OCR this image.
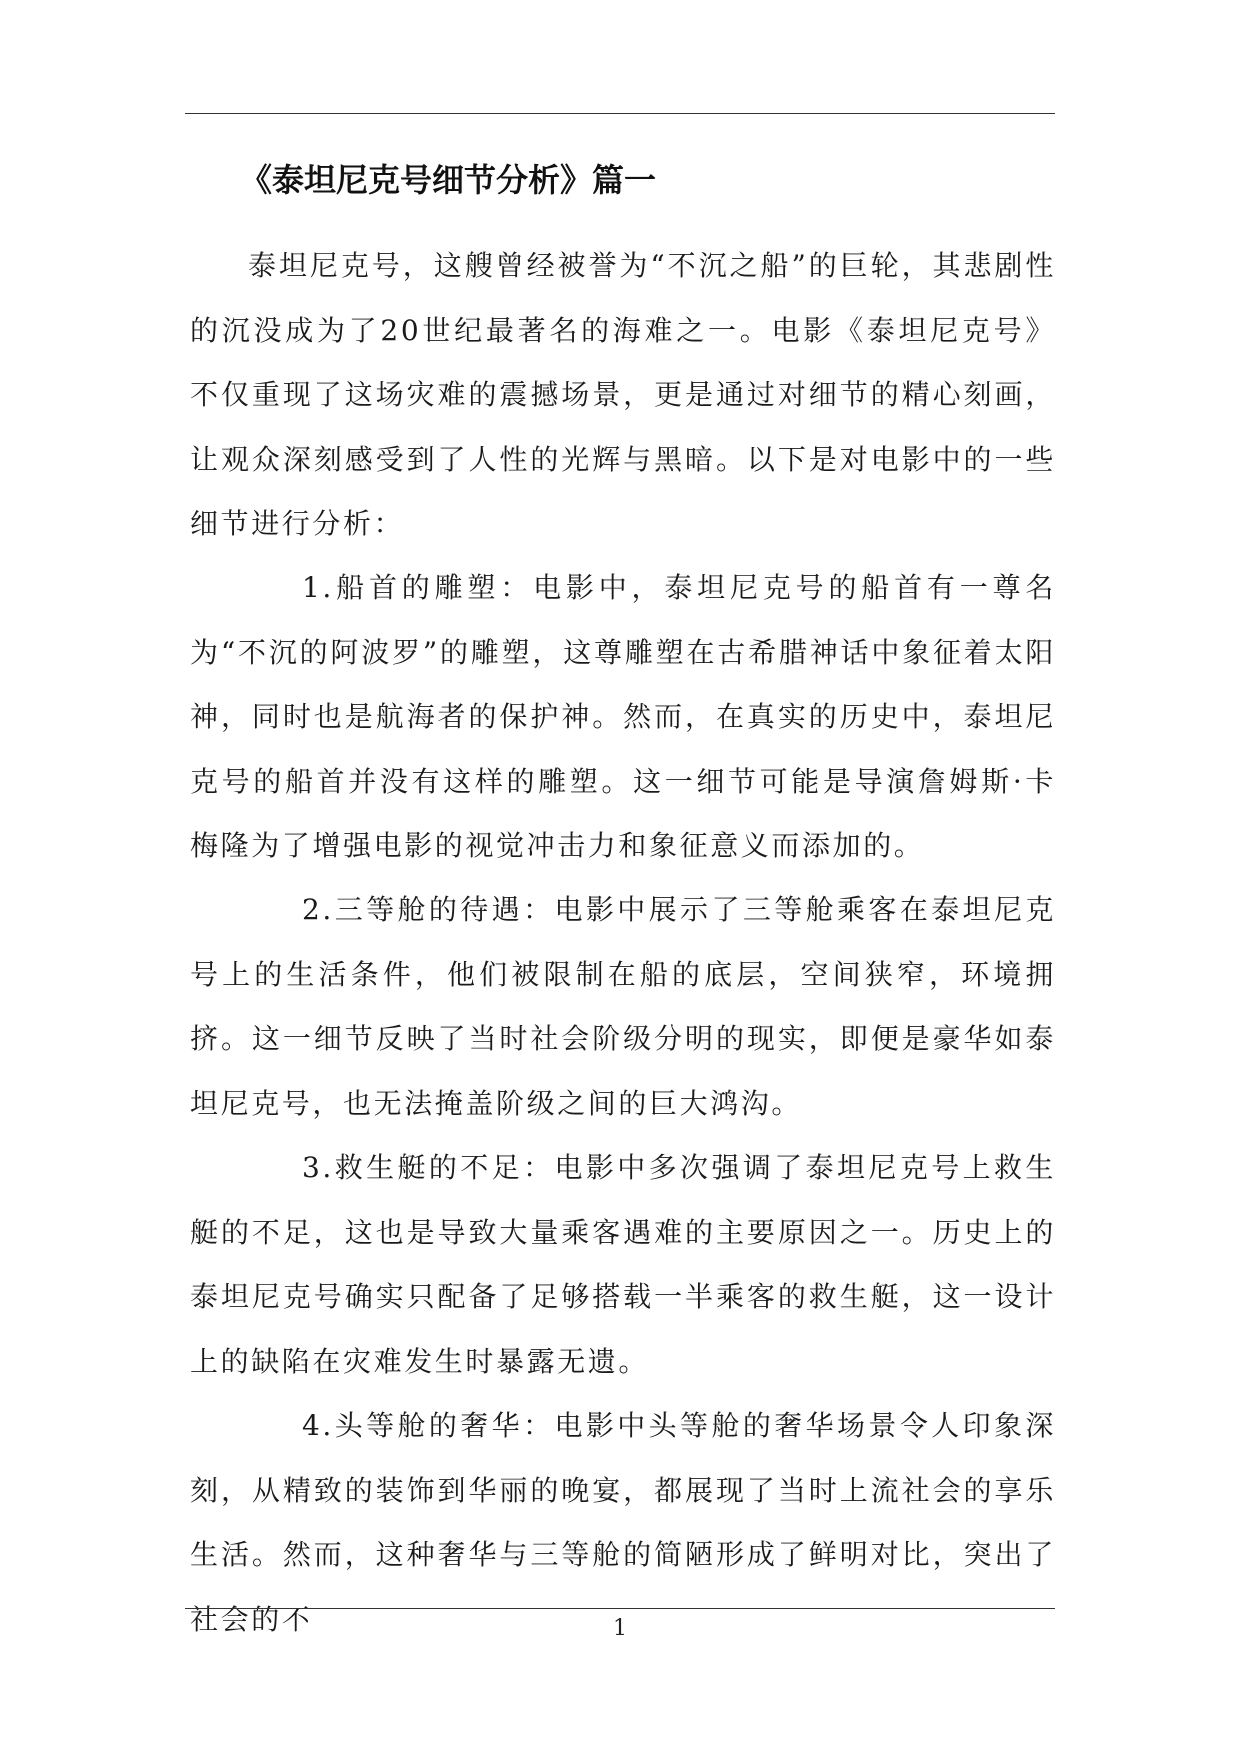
《泰坦尼克号细节分析》篇一

泰坦尼克号，这艘曾经被誉为“不沉之船”的巨轮，其悲剧性的沉没成为了20世纪最著名的海难之一。电影《泰坦尼克号》不仅重现了这场灾难的震撼场景，更是通过对细节的精心刻画，让观众深刻感受到了人性的光辉与黑暗。以下是对电影中的一些细节进行分析：

1.船首的雕塑：电影中，泰坦尼克号的船首有一尊名为“不沉的阿波罗”的雕塑，这尊雕塑在古希腊神话中象征着太阳神，同时也是航海者的保护神。然而，在真实的历史中，泰坦尼克号的船首并没有这样的雕塑。这一细节可能是导演詹姆斯·卡梅隆为了增强电影的视觉冲击力和象征意义而添加的。

2.三等舱的待遇：电影中展示了三等舱乘客在泰坦尼克号上的生活条件，他们被限制在船的底层，空间狭窄，环境拥挤。这一细节反映了当时社会阶级分明的现实，即便是豪华如泰坦尼克号，也无法掩盖阶级之间的巨大鸿沟。

3.救生艇的不足：电影中多次强调了泰坦尼克号上救生艇的不足，这也是导致大量乘客遇难的主要原因之一。历史上的泰坦尼克号确实只配备了足够搭载一半乘客的救生艇，这一设计上的缺陷在灾难发生时暴露无遗。

4.头等舱的奢华：电影中头等舱的奢华场景令人印象深刻，从精致的装饰到华丽的晚宴，都展现了当时上流社会的享乐生活。然而，这种奢华与三等舱的简陋形成了鲜明对比，突出了社会的不	1
